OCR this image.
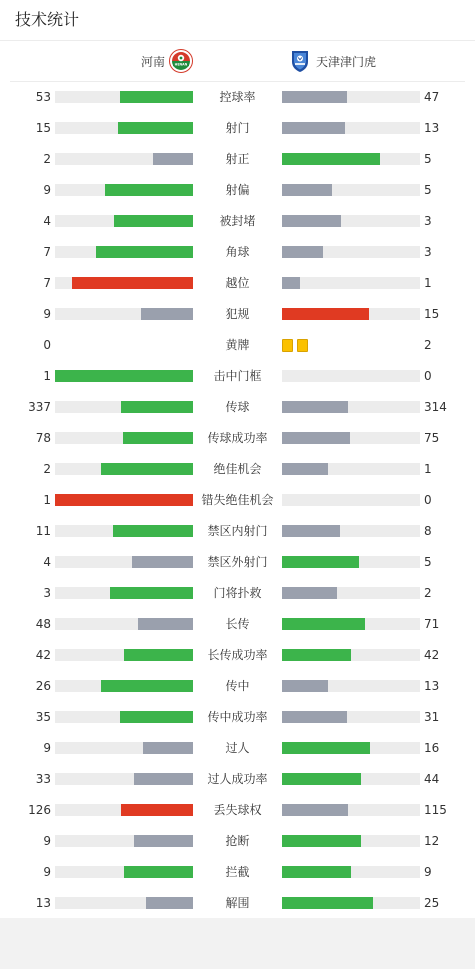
技术统计
河南	HENAN	天津津门虎
53	控球率	47
15	射门	13
2	射正	5
9	射偏	5
4	被封堵	3
7	角球	3
7	越位	1
9	犯规	15
0	黄牌	2
1	击中门框	0
337	传球	314
78	传球成功率	75
2	绝佳机会	1
1	错失绝佳机会	0
11	禁区内射门	8
4	禁区外射门	5
3	门将扑救	2
48	长传	71
42	长传成功率	42
26	传中	13
35	传中成功率	31
9	过人	16
33	过人成功率	44
126	丢失球权	115
9	抢断	12
9	拦截	9
13	解围	25
